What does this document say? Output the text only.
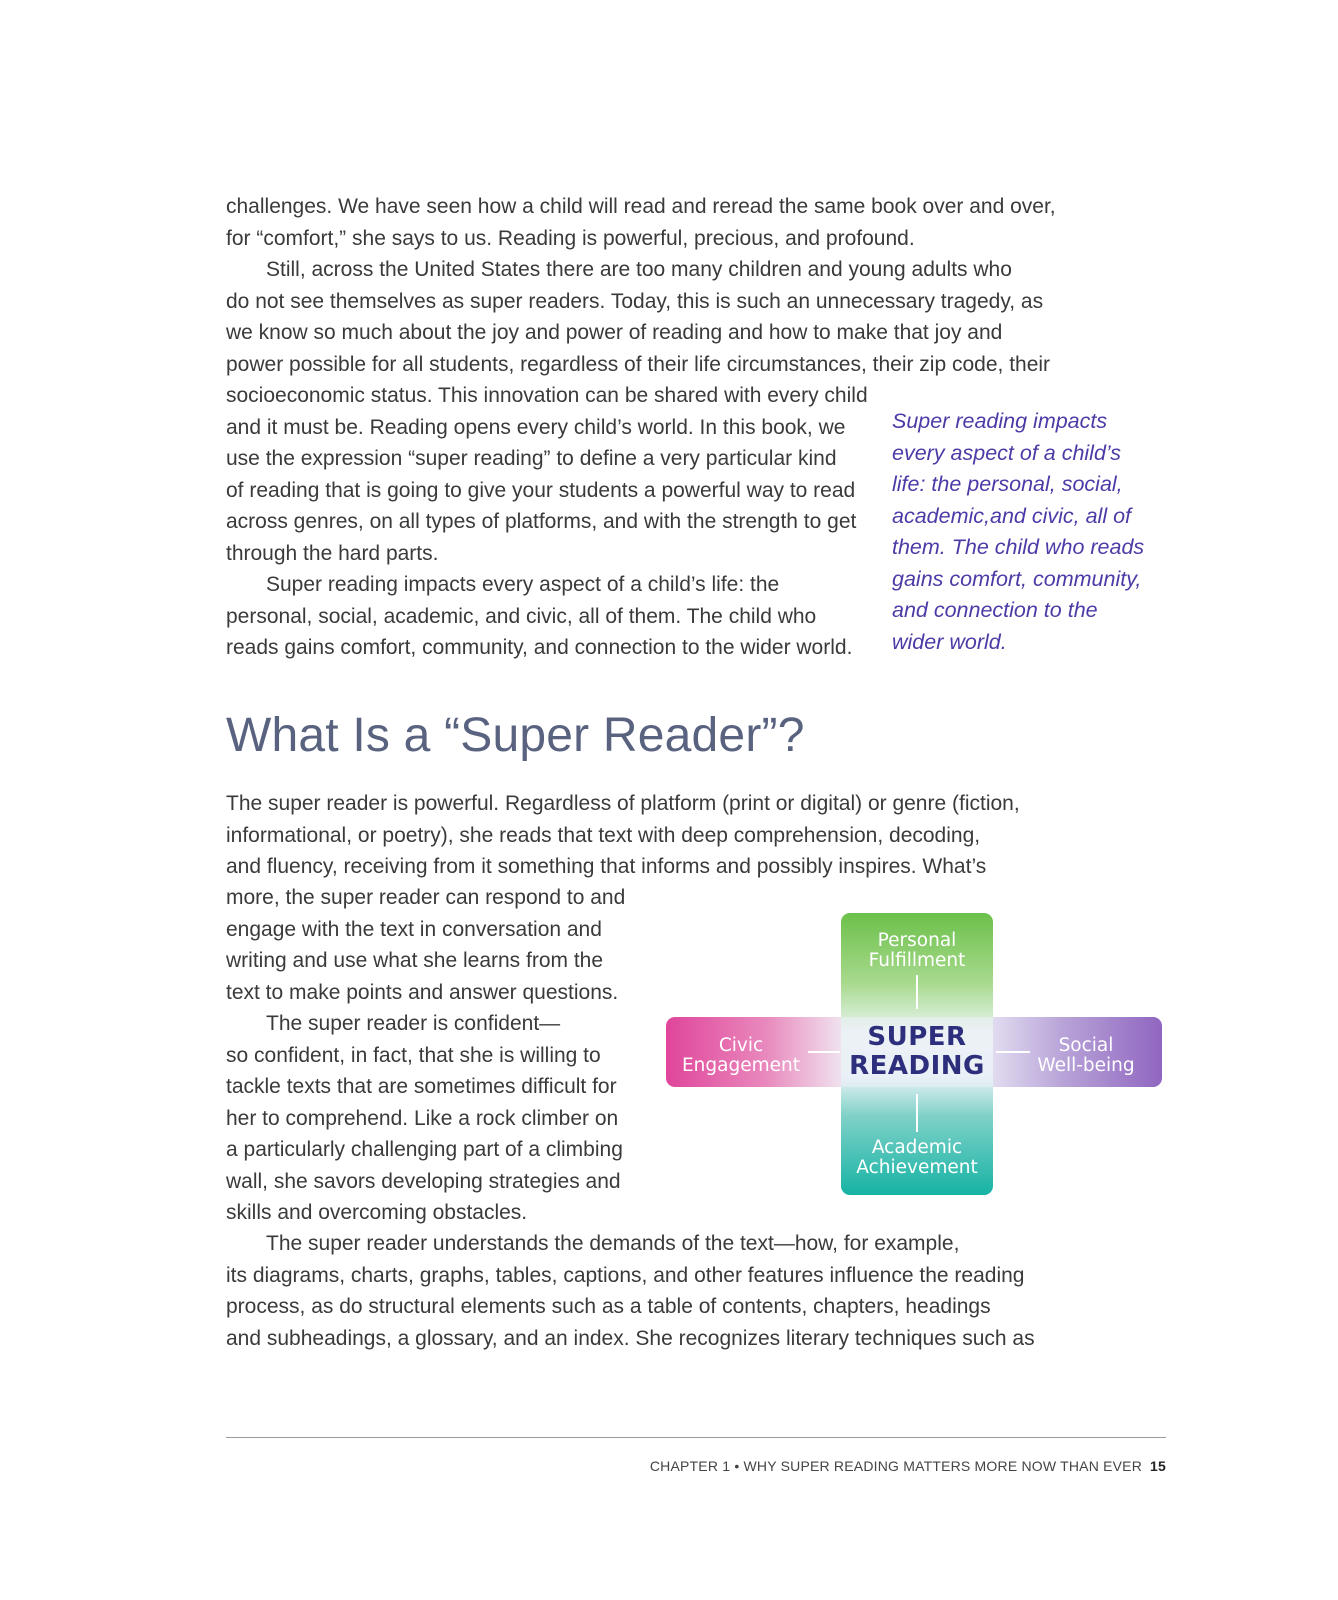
challenges. We have seen how a child will read and reread the same book over and over,
for “comfort,” she says to us. Reading is powerful, precious, and profound.

Still, across the United States there are too many children and young adults who
do not see themselves as super readers. Today, this is such an unnecessary tragedy, as
we know so much about the joy and power of reading and how to make that joy and
power possible for all students, regardless of their life circumstances, their zip code, their

socioeconomic status. This innovation can be shared with every child
and it must be. Reading opens every child’s world. In this book, we
use the expression “super reading” to define a very particular kind
of reading that is going to give your students a powerful way to read
across genres, on all types of platforms, and with the strength to get
through the hard parts.

Super reading impacts every aspect of a child’s life: the
personal, social, academic, and civic, all of them. The child who
reads gains comfort, community, and connection to the wider world.

Super reading impacts
every aspect of a child’s
life: the personal, social,
academic,and civic, all of
them. The child who reads
gains comfort, community,
and connection to the
wider world.
What Is a “Super Reader”?

The super reader is powerful. Regardless of platform (print or digital) or genre (fiction,
informational, or poetry), she reads that text with deep comprehension, decoding,
and fluency, receiving from it something that informs and possibly inspires. What’s

more, the super reader can respond to and
engage with the text in conversation and
writing and use what she learns from the
text to make points and answer questions.

The super reader is confident—
so confident, in fact, that she is willing to
tackle texts that are sometimes difficult for
her to comprehend. Like a rock climber on
a particularly challenging part of a climbing
wall, she savors developing strategies and
skills and overcoming obstacles.

The super reader understands the demands of the text—how, for example,
its diagrams, charts, graphs, tables, captions, and other features influence the reading
process, as do structural elements such as a table of contents, chapters, headings
and subheadings, a glossary, and an index. She recognizes literary techniques such as

Personal
Fulfillment
Academic
Achievement
Civic
Engagement
Social
Well-being
SUPER
READING
CHAPTER 1 • WHY SUPER READING MATTERS MORE NOW THAN EVER 15
